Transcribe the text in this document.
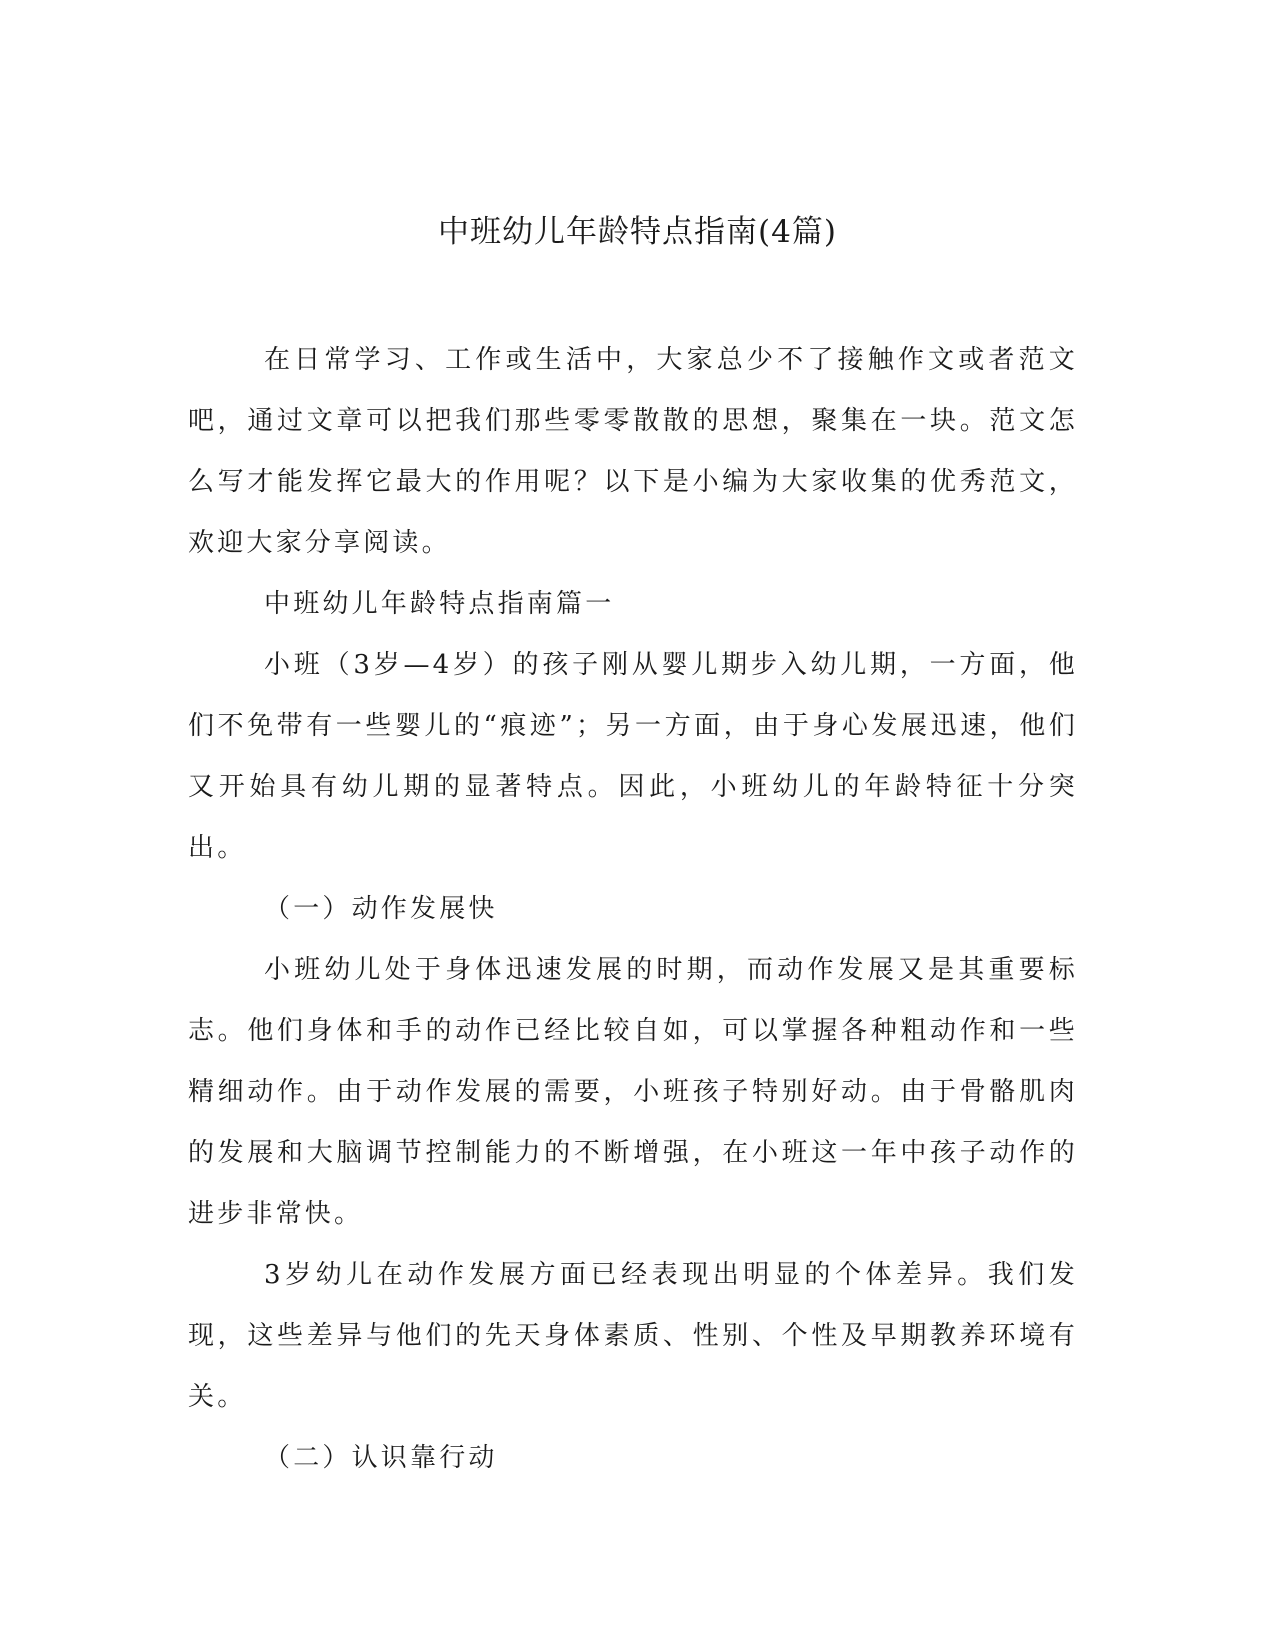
中班幼儿年龄特点指南(4篇)

在日常学习、工作或生活中，大家总少不了接触作文或者范文吧，通过文章可以把我们那些零零散散的思想，聚集在一块。范文怎么写才能发挥它最大的作用呢？以下是小编为大家收集的优秀范文，欢迎大家分享阅读。

中班幼儿年龄特点指南篇一

小班（3岁—4岁）的孩子刚从婴儿期步入幼儿期，一方面，他们不免带有一些婴儿的“痕迹”；另一方面，由于身心发展迅速，他们又开始具有幼儿期的显著特点。因此，小班幼儿的年龄特征十分突出。

（一）动作发展快

小班幼儿处于身体迅速发展的时期，而动作发展又是其重要标志。他们身体和手的动作已经比较自如，可以掌握各种粗动作和一些精细动作。由于动作发展的需要，小班孩子特别好动。由于骨骼肌肉的发展和大脑调节控制能力的不断增强，在小班这一年中孩子动作的进步非常快。

3岁幼儿在动作发展方面已经表现出明显的个体差异。我们发现，这些差异与他们的先天身体素质、性别、个性及早期教养环境有关。

（二）认识靠行动
